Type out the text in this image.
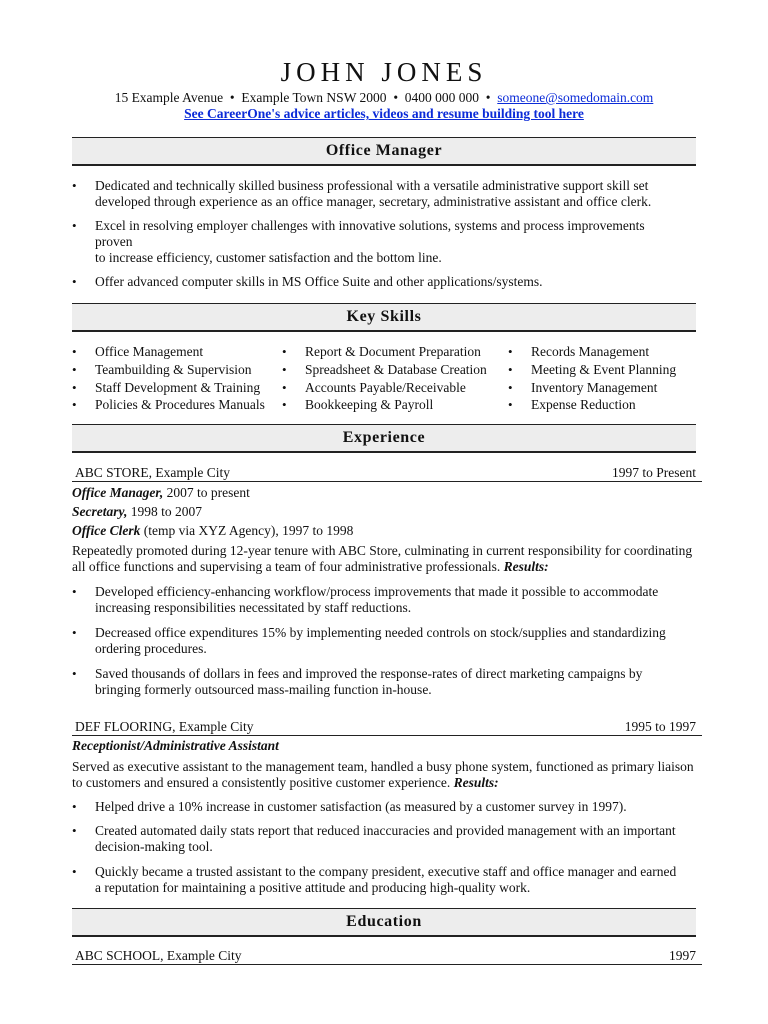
JOHN JONES
15 Example Avenue  •  Example Town NSW 2000  •  0400 000 000  •  someone@somedomain.com
See CareerOne's advice articles, videos and resume building tool here
Office Manager
• Dedicated and technically skilled business professional with a versatile administrative support skill set
developed through experience as an office manager, secretary, administrative assistant and office clerk.
• Excel in resolving employer challenges with innovative solutions, systems and process improvements
proven
to increase efficiency, customer satisfaction and the bottom line.
• Offer advanced computer skills in MS Office Suite and other applications/systems.
Key Skills
• Office Management
• Teambuilding & Supervision
• Staff Development & Training
• Policies & Procedures Manuals
• Report & Document Preparation
• Spreadsheet & Database Creation
• Accounts Payable/Receivable
• Bookkeeping & Payroll
• Records Management
• Meeting & Event Planning
• Inventory Management
• Expense Reduction
Experience
ABC STORE, Example City	1997 to Present
Office Manager, 2007 to present
Secretary, 1998 to 2007
Office Clerk (temp via XYZ Agency), 1997 to 1998
Repeatedly promoted during 12-year tenure with ABC Store, culminating in current responsibility for coordinating all office functions and supervising a team of four administrative professionals. Results:
• Developed efficiency-enhancing workflow/process improvements that made it possible to accommodate
increasing responsibilities necessitated by staff reductions.
• Decreased office expenditures 15% by implementing needed controls on stock/supplies and standardizing
ordering procedures.
• Saved thousands of dollars in fees and improved the response-rates of direct marketing campaigns by
bringing formerly outsourced mass-mailing function in-house.
DEF FLOORING, Example City	1995 to 1997
Receptionist/Administrative Assistant
Served as executive assistant to the management team, handled a busy phone system, functioned as primary liaison to customers and ensured a consistently positive customer experience. Results:
• Helped drive a 10% increase in customer satisfaction (as measured by a customer survey in 1997).
• Created automated daily stats report that reduced inaccuracies and provided management with an important
decision-making tool.
• Quickly became a trusted assistant to the company president, executive staff and office manager and earned
a reputation for maintaining a positive attitude and producing high-quality work.
Education
ABC SCHOOL, Example City	1997
